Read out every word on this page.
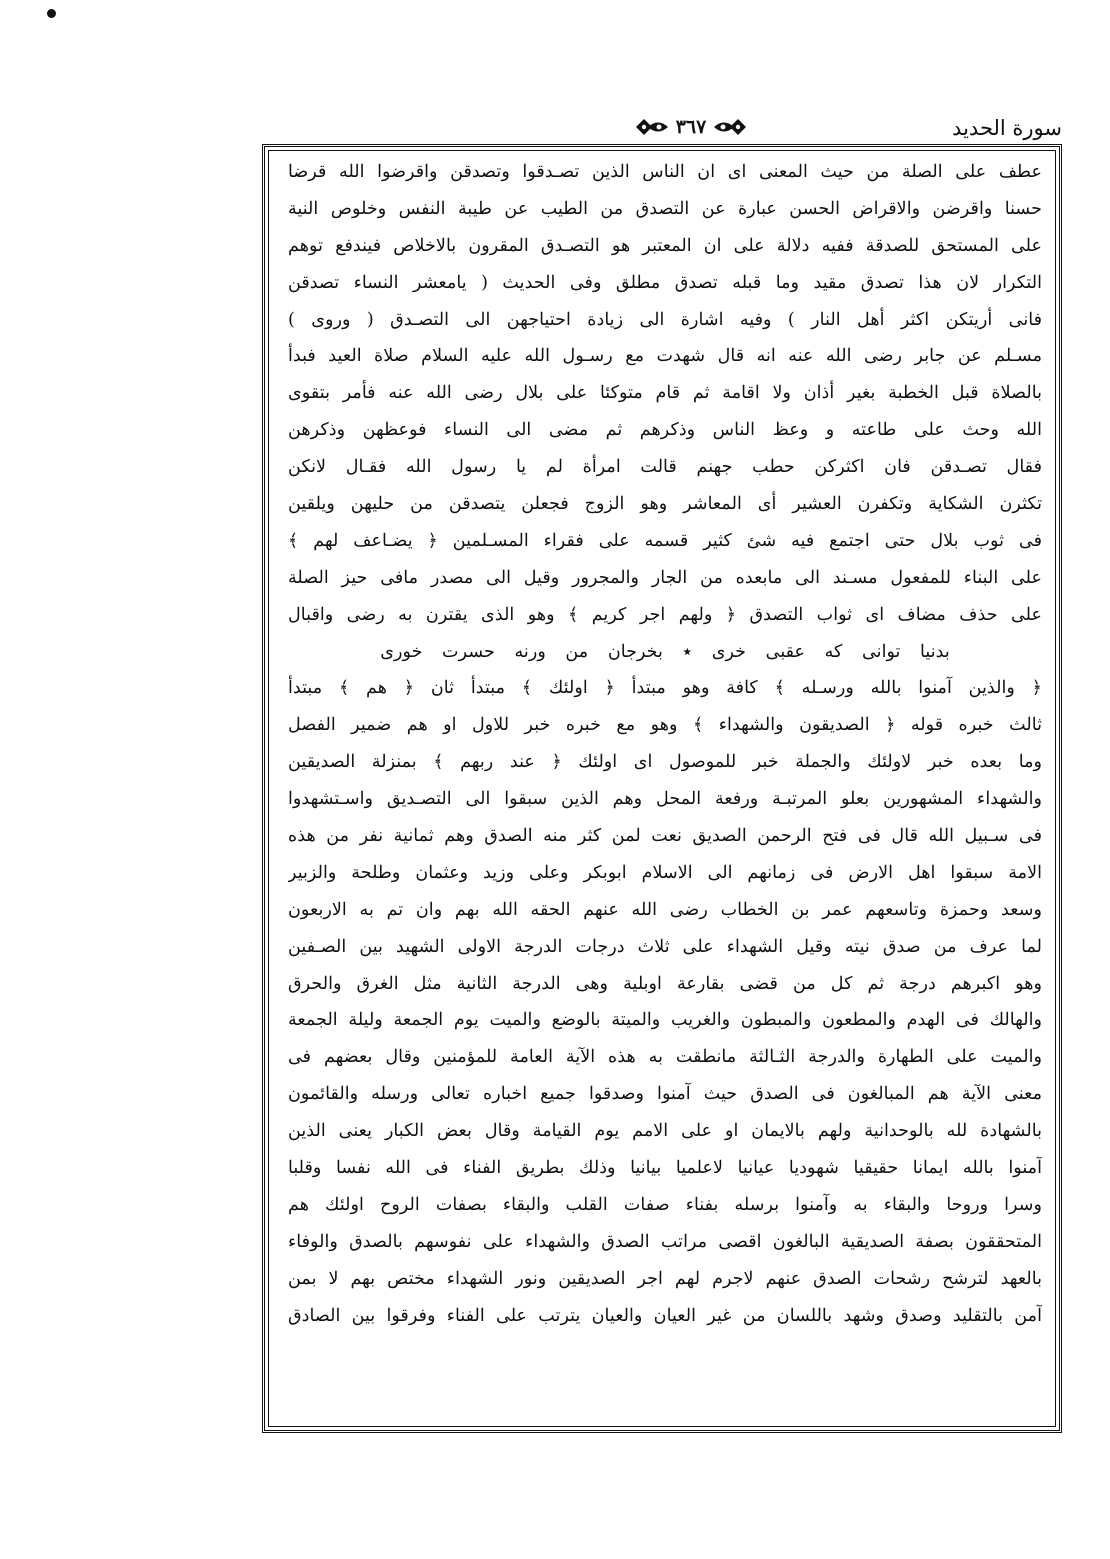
٣٦٧	سورة الحديد
عطف على الصلة من حيث المعنى اى ان الناس الذين تصـدقوا وتصدقن واقرضوا الله قرضا
حسنا واقرضن والاقراض الحسن عبارة عن التصدق من الطيب عن طيبة النفس وخلوص النية
على المستحق للصدقة ففيه دلالة على ان المعتبر هو التصـدق المقرون بالاخلاص فيندفع توهم
التكرار لان هذا تصدق مقيد وما قبله تصدق مطلق وفى الحديث ( يامعشر النساء تصدقن
فانى أريتكن اكثر أهل النار ) وفيه اشارة الى زيادة احتياجهن الى التصـدق ( وروى )
مسـلم عن جابر رضى الله عنه انه قال شهدت مع رسـول الله عليه السلام صلاة العيد فبدأ
بالصلاة قبل الخطبة بغير أذان ولا اقامة ثم قام متوكئا على بلال رضى الله عنه فأمر بتقوى
الله وحث على طاعته و وعظ الناس وذكرهم ثم مضى الى النساء فوعظهن وذكرهن
فقال تصـدقن فان اكثركن حطب جهنم قالت امرأة لم يا رسول الله فقـال لانكن
تكثرن الشكاية وتكفرن العشير أى المعاشر وهو الزوج فجعلن يتصدقن من حليهن ويلقين
فى ثوب بلال حتى اجتمع فيه شئ كثير قسمه على فقراء المسـلمين ﴿ يضـاعف لهم ﴾
على البناء للمفعول مسـند الى مابعده من الجار والمجرور وقيل الى مصدر مافى حيز الصلة
على حذف مضاف اى ثواب التصدق ﴿ ولهم اجر كريم ﴾ وهو الذى يقترن به رضى واقبال
بدنيا توانى كه عقبى خرى ٭ بخرجان من ورنه حسرت خورى
﴿ والذين آمنوا بالله ورسـله ﴾ كافة وهو مبتدأ ﴿ اولئك ﴾ مبتدأ ثان ﴿ هم ﴾ مبتدأ
ثالث خبره قوله ﴿ الصديقون والشهداء ﴾ وهو مع خبره خبر للاول او هم ضمير الفصل
وما بعده خبر لاولئك والجملة خبر للموصول اى اولئك ﴿ عند ربهم ﴾ بمنزلة الصديقين
والشهداء المشهورين بعلو المرتبـة ورفعة المحل وهم الذين سبقوا الى التصـديق واسـتشهدوا
فى سـبيل الله قال فى فتح الرحمن الصديق نعت لمن كثر منه الصدق وهم ثمانية نفر من هذه
الامة سبقوا اهل الارض فى زمانهم الى الاسلام ابوبكر وعلى وزيد وعثمان وطلحة والزبير
وسعد وحمزة وتاسعهم عمر بن الخطاب رضى الله عنهم الحقه الله بهم وان تم به الاربعون
لما عرف من صدق نيته وقيل الشهداء على ثلاث درجات الدرجة الاولى الشهيد بين الصـفين
وهو اكبرهم درجة ثم كل من قضى بقارعة اوبلية وهى الدرجة الثانية مثل الغرق والحرق
والهالك فى الهدم والمطعون والمبطون والغريب والميتة بالوضع والميت يوم الجمعة وليلة الجمعة
والميت على الطهارة والدرجة الثـالثة مانطقت به هذه الآية العامة للمؤمنين وقال بعضهم فى
معنى الآية هم المبالغون فى الصدق حيث آمنوا وصدقوا جميع اخباره تعالى ورسله والقائمون
بالشهادة لله بالوحدانية ولهم بالايمان او على الامم يوم القيامة وقال بعض الكبار يعنى الذين
آمنوا بالله ايمانا حقيقيا شهوديا عيانيا لاعلميا بيانيا وذلك بطريق الفناء فى الله نفسا وقلبا
وسرا وروحا والبقاء به وآمنوا برسله بفناء صفات القلب والبقاء بصفات الروح اولئك هم
المتحققون بصفة الصديقية البالغون اقصى مراتب الصدق والشهداء على نفوسهم بالصدق والوفاء
بالعهد لترشح رشحات الصدق عنهم لاجرم لهم اجر الصديقين ونور الشهداء مختص بهم لا بمن
آمن بالتقليد وصدق وشهد باللسان من غير العيان والعيان يترتب على الفناء وفرقوا بين الصادق
